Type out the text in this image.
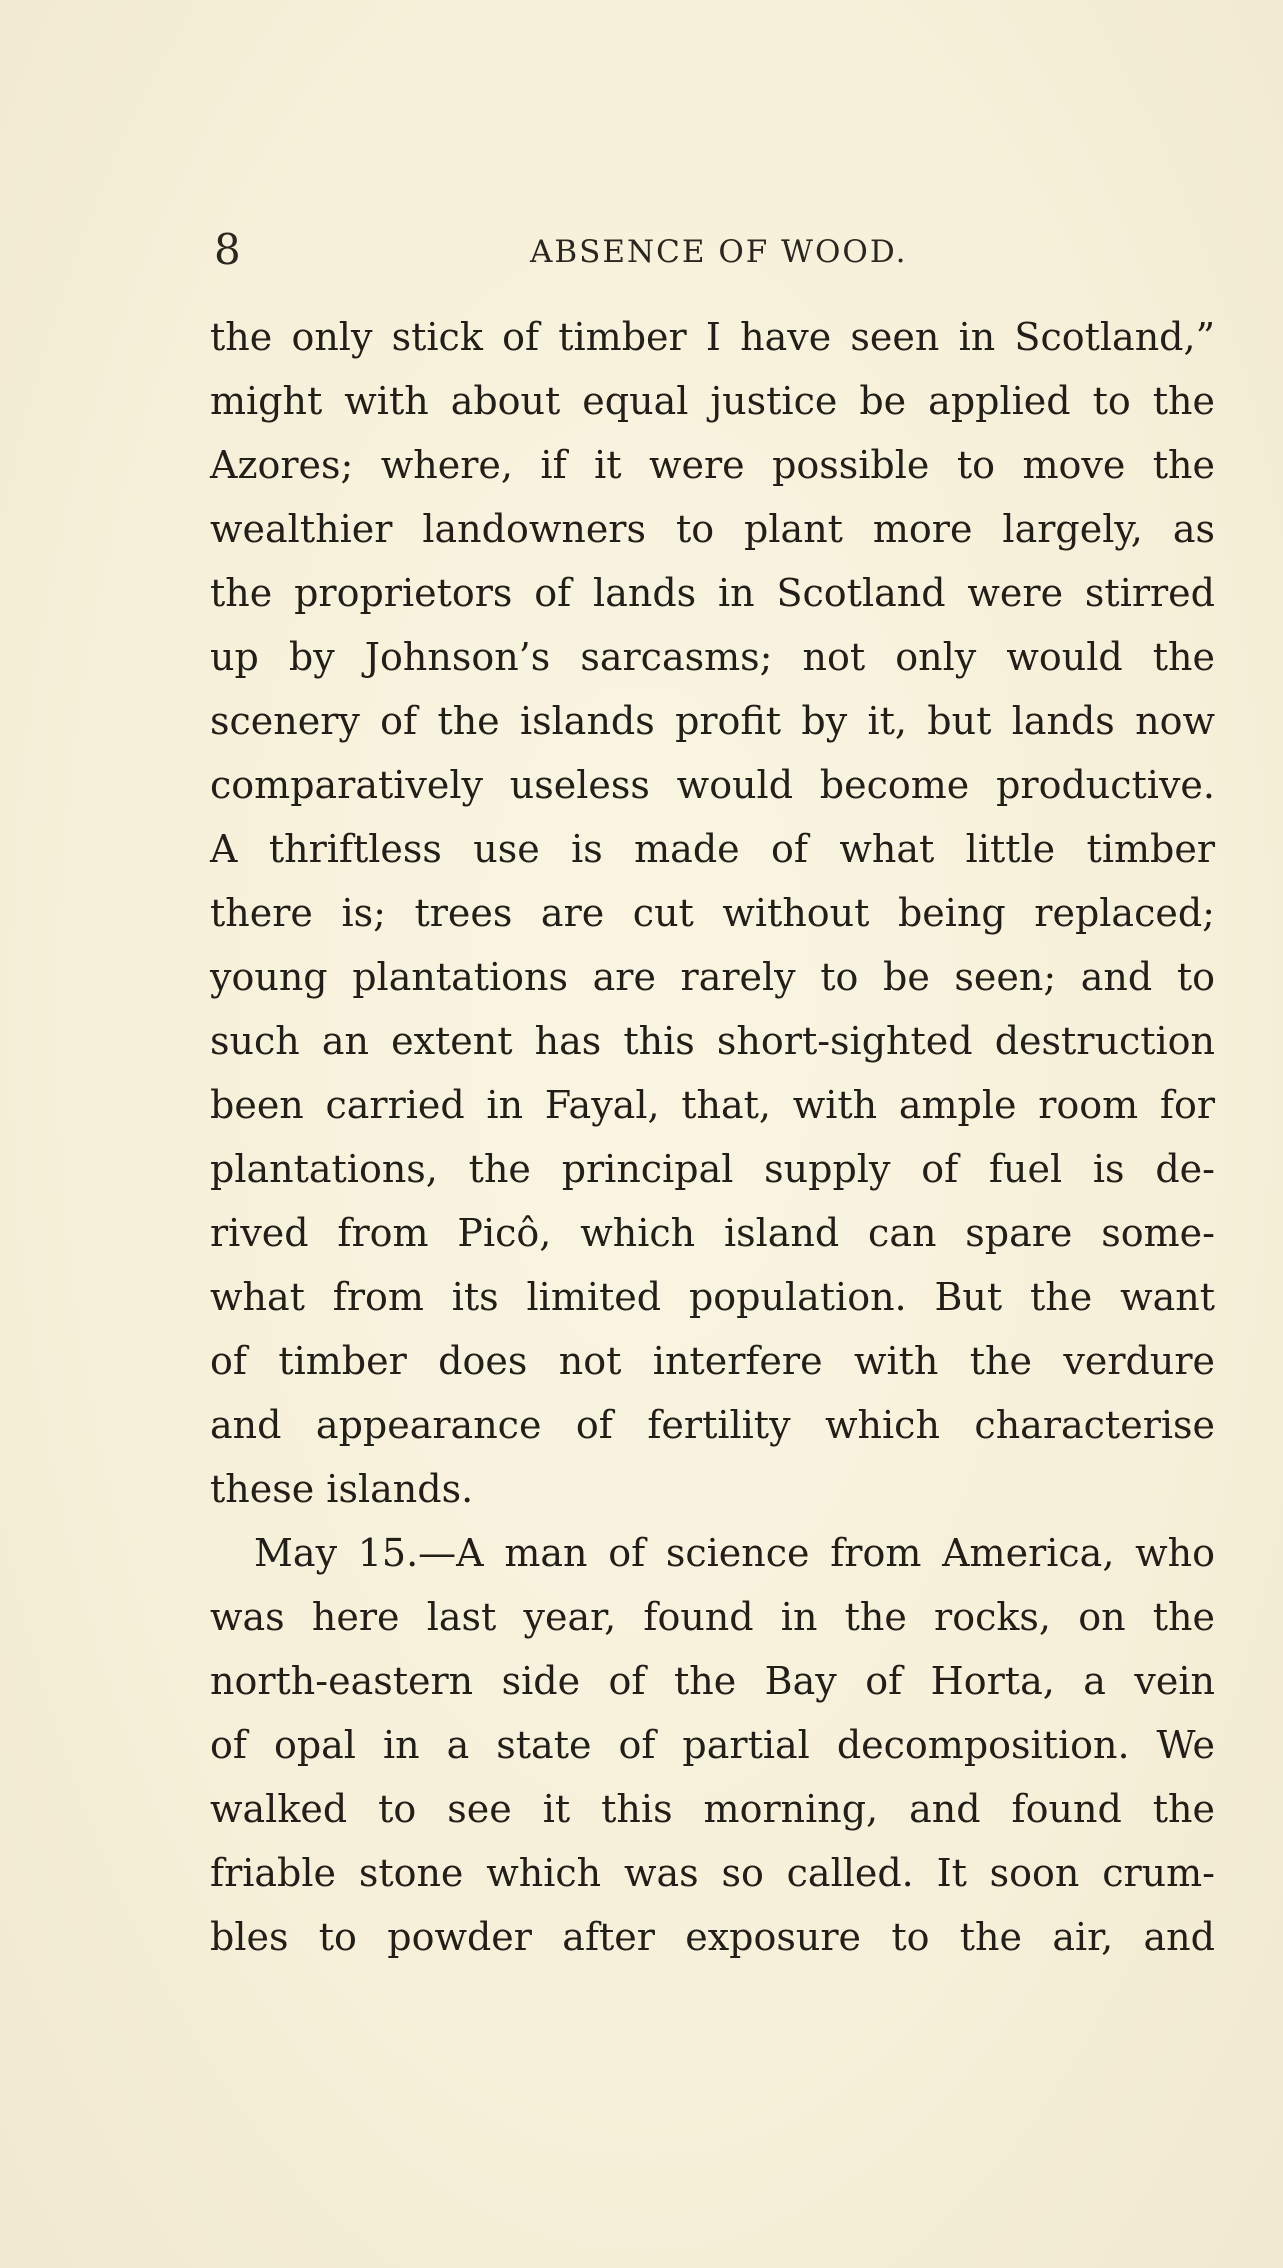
8	ABSENCE OF WOOD.
the only stick of timber I have seen in Scotland,”
might with about equal justice be applied to the
Azores; where, if it were possible to move the
wealthier landowners to plant more largely, as
the proprietors of lands in Scotland were stirred
up by Johnson’s sarcasms; not only would the
scenery of the islands profit by it, but lands now
comparatively useless would become productive.
A thriftless use is made of what little timber
there is; trees are cut without being replaced;
young plantations are rarely to be seen; and to
such an extent has this short-sighted destruction
been carried in Fayal, that, with ample room for
plantations, the principal supply of fuel is de-
rived from Picô, which island can spare some-
what from its limited population. But the want
of timber does not interfere with the verdure
and appearance of fertility which characterise
these islands.
May 15.—A man of science from America, who
was here last year, found in the rocks, on the
north-eastern side of the Bay of Horta, a vein
of opal in a state of partial decomposition. We
walked to see it this morning, and found the
friable stone which was so called. It soon crum-
bles to powder after exposure to the air, and
